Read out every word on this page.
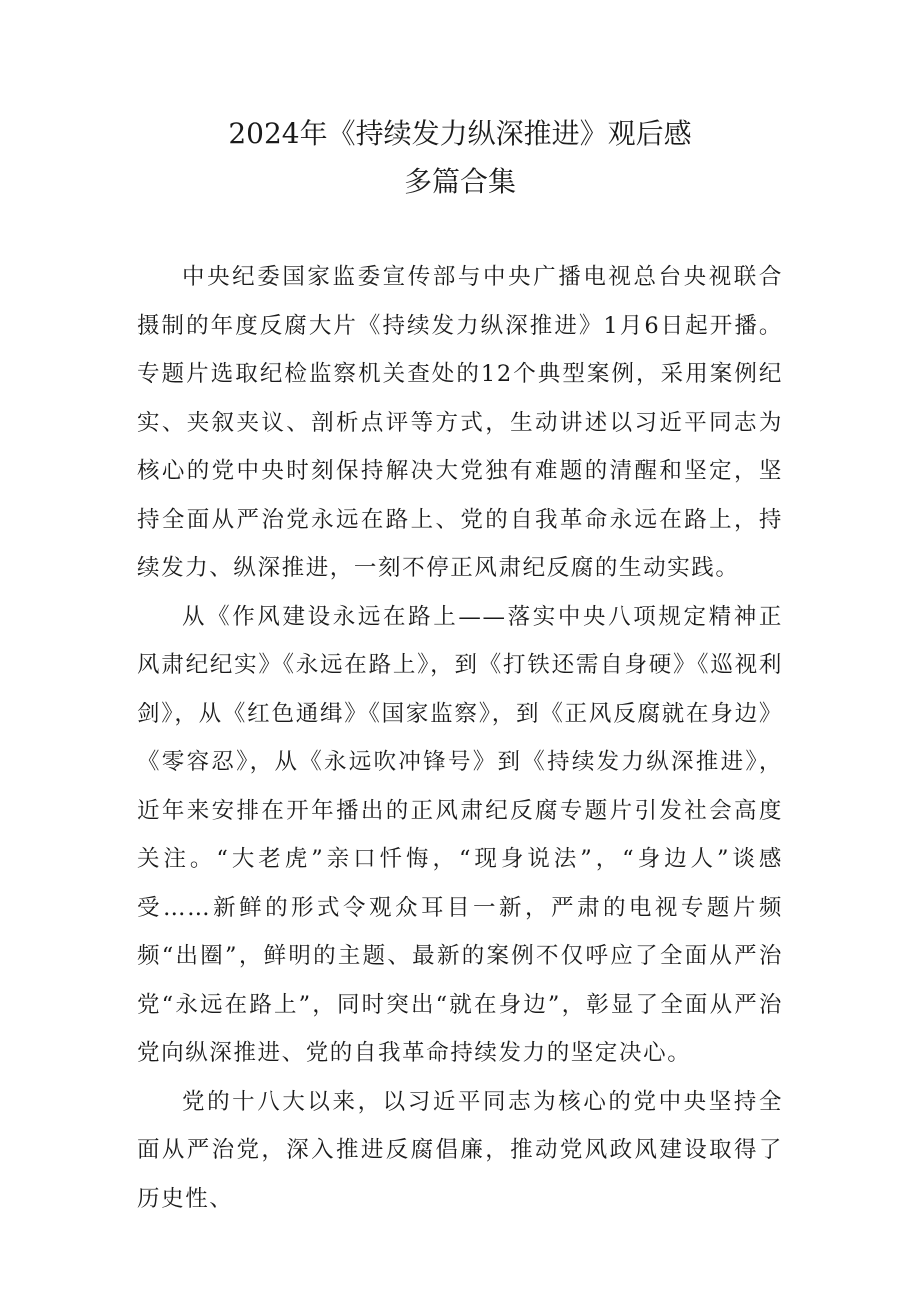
2024年《持续发力纵深推进》观后感
多篇合集

中央纪委国家监委宣传部与中央广播电视总台央视联合摄制的年度反腐大片《持续发力纵深推进》1月6日起开播。专题片选取纪检监察机关查处的12个典型案例，采用案例纪实、夹叙夹议、剖析点评等方式，生动讲述以习近平同志为核心的党中央时刻保持解决大党独有难题的清醒和坚定，坚持全面从严治党永远在路上、党的自我革命永远在路上，持续发力、纵深推进，一刻不停正风肃纪反腐的生动实践。

从《作风建设永远在路上——落实中央八项规定精神正风肃纪纪实》《永远在路上》，到《打铁还需自身硬》《巡视利剑》，从《红色通缉》《国家监察》，到《正风反腐就在身边》《零容忍》，从《永远吹冲锋号》到《持续发力纵深推进》，近年来安排在开年播出的正风肃纪反腐专题片引发社会高度关注。“大老虎”亲口忏悔，“现身说法”，“身边人”谈感受……新鲜的形式令观众耳目一新，严肃的电视专题片频频“出圈”，鲜明的主题、最新的案例不仅呼应了全面从严治党“永远在路上”，同时突出“就在身边”，彰显了全面从严治党向纵深推进、党的自我革命持续发力的坚定决心。

党的十八大以来，以习近平同志为核心的党中央坚持全面从严治党，深入推进反腐倡廉，推动党风政风建设取得了历史性、
